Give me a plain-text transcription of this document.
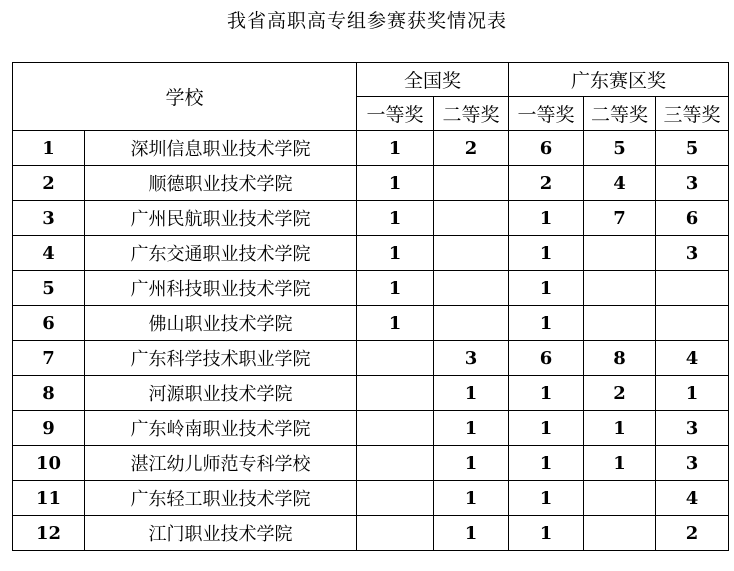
我省高职高专组参赛获奖情况表
学校		全国奖		广东赛区奖		
		一等奖	二等奖	一等奖	二等奖	三等奖
1	深圳信息职业技术学院	1	2	6	5	5
2	顺德职业技术学院	1		2	4	3
3	广州民航职业技术学院	1		1	7	6
4	广东交通职业技术学院	1		1		3
5	广州科技职业技术学院	1		1		
6	佛山职业技术学院	1		1		
7	广东科学技术职业学院		3	6	8	4
8	河源职业技术学院		1	1	2	1
9	广东岭南职业技术学院		1	1	1	3
10	湛江幼儿师范专科学校		1	1	1	3
11	广东轻工职业技术学院		1	1		4
12	江门职业技术学院		1	1		2
